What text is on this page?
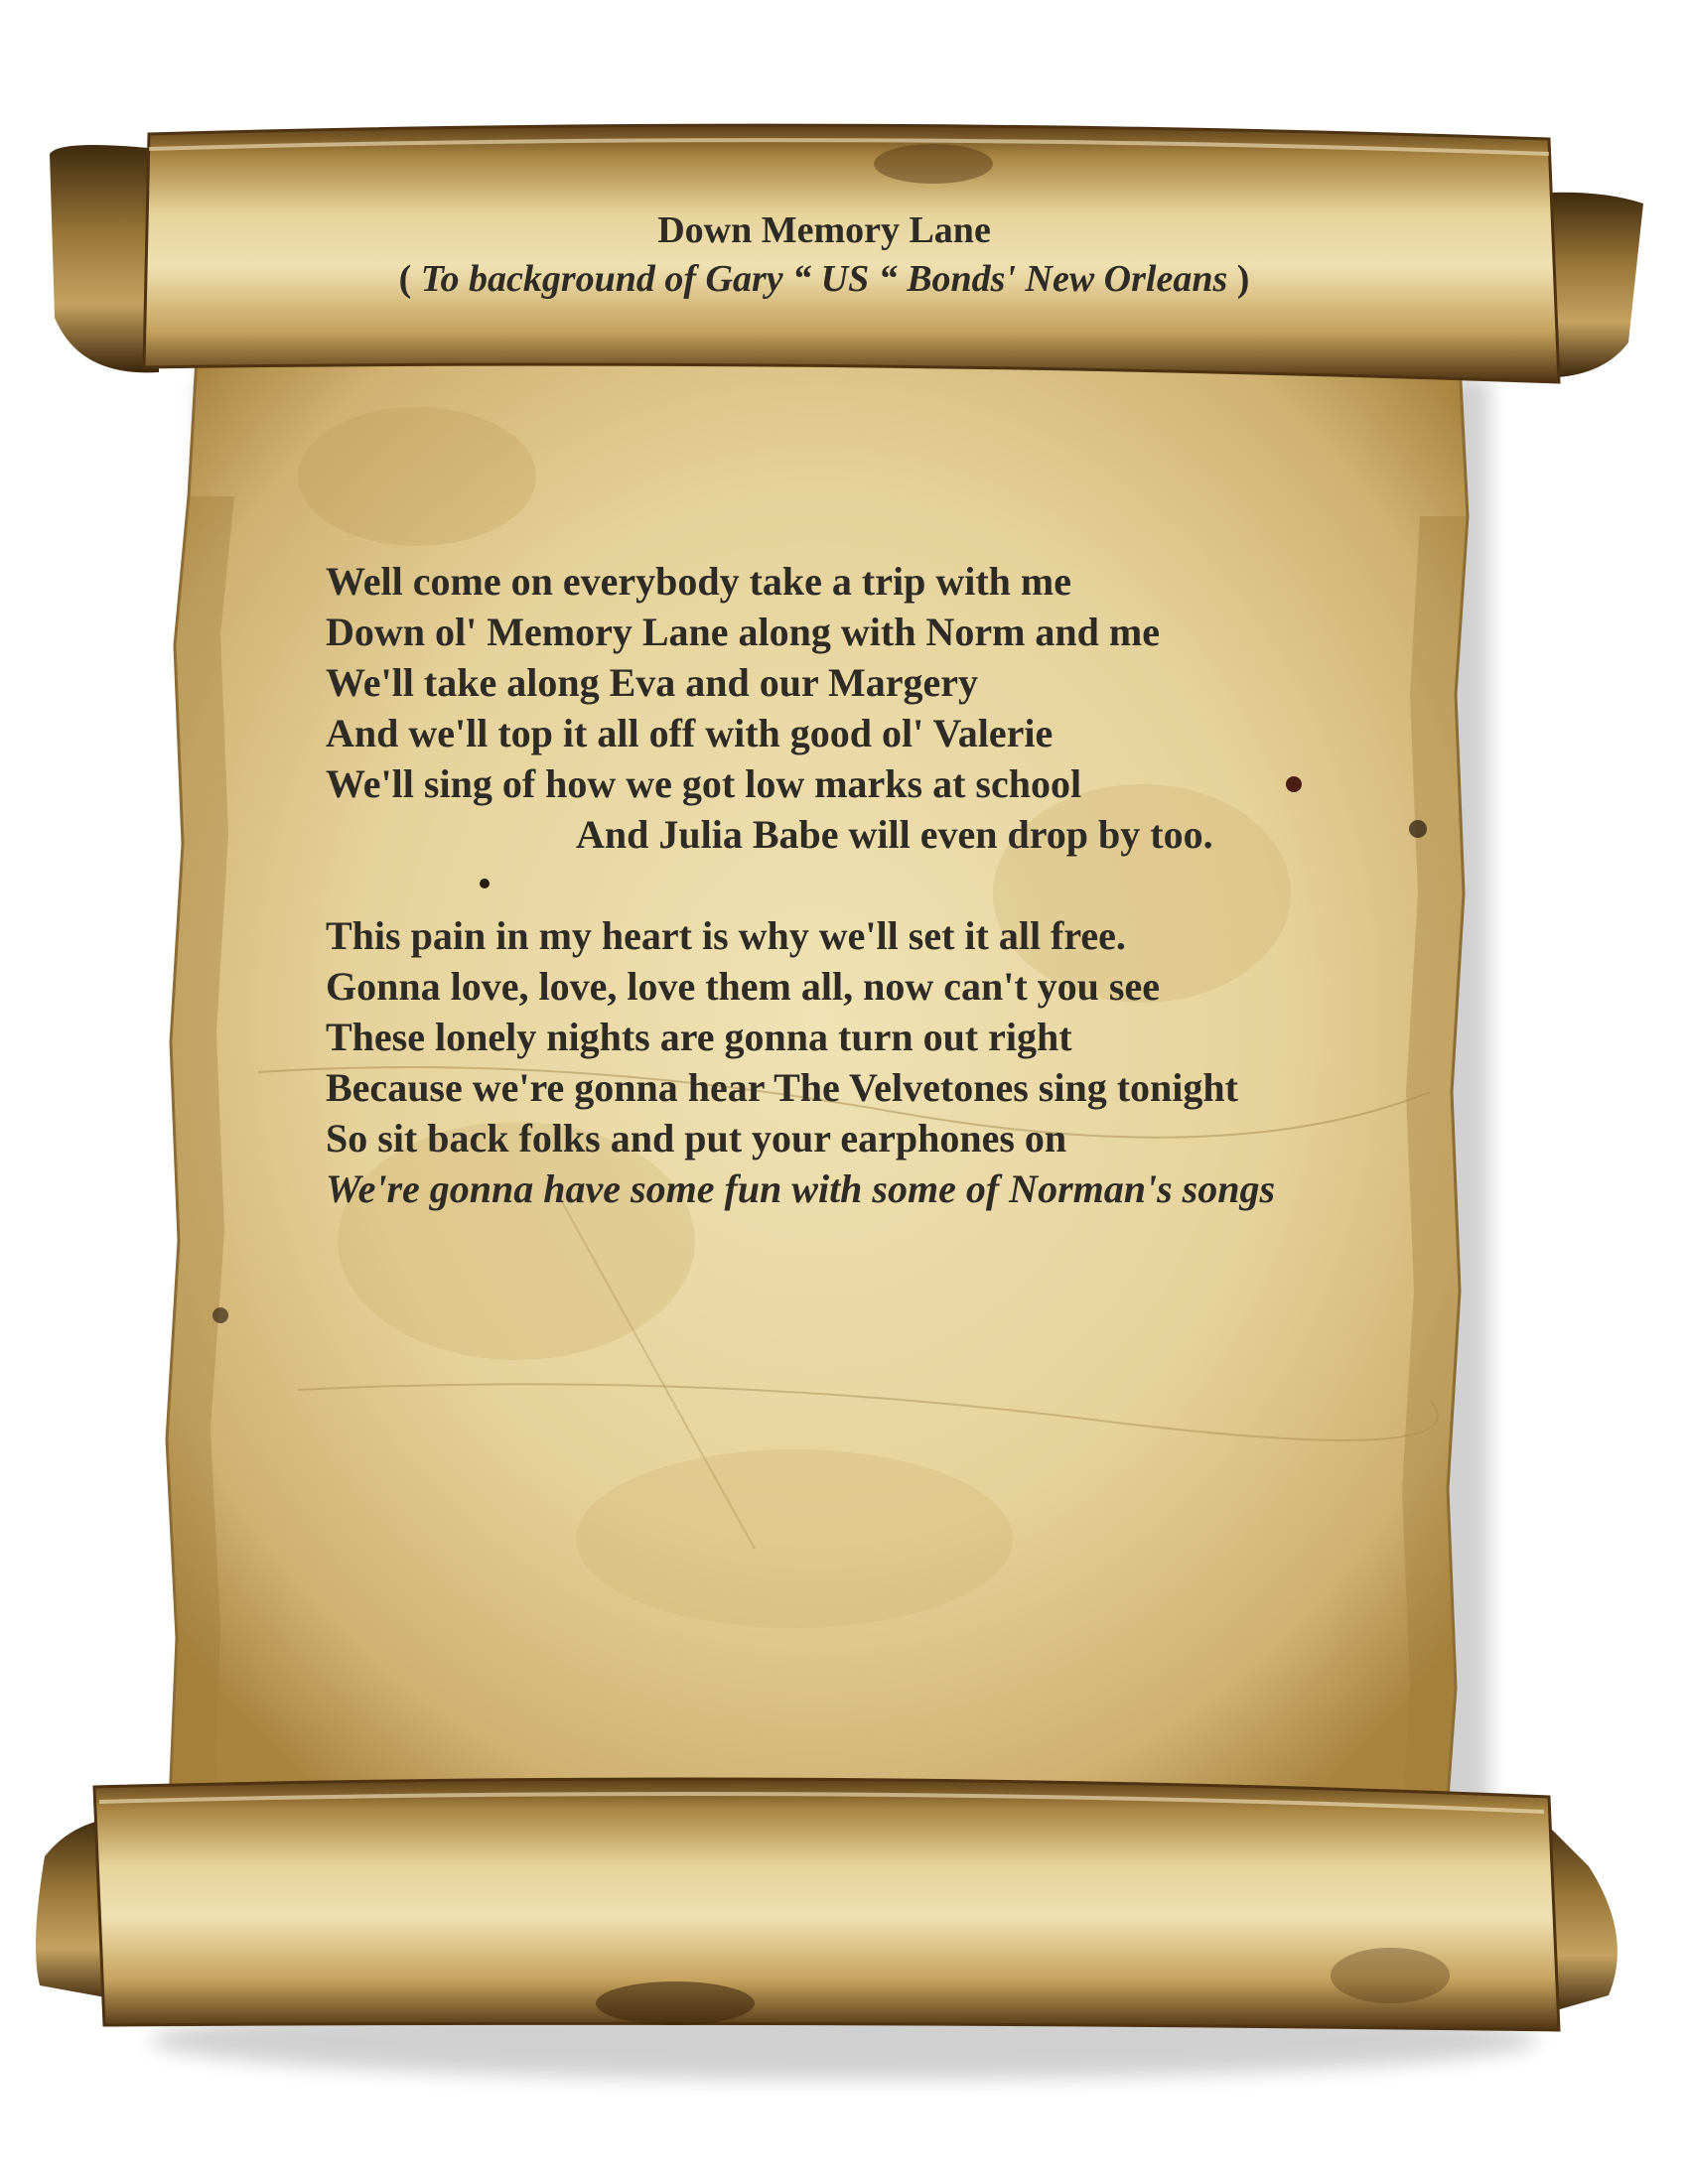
Down Memory Lane
( To background of Gary “ US “ Bonds' New Orleans )
Well come on everybody take a trip with me
Down ol' Memory Lane along with Norm and me
We'll take along Eva and our Margery
And we'll top it all off with good ol' Valerie
We'll sing of how we got low marks at school
And Julia Babe will even drop by too.
This pain in my heart is why we'll set it all free.
Gonna love, love, love them all, now can't you see
These lonely nights are gonna turn out right
Because we're gonna hear The Velvetones sing tonight
So sit back folks and put your earphones on
We're gonna have some fun with some of Norman's songs
